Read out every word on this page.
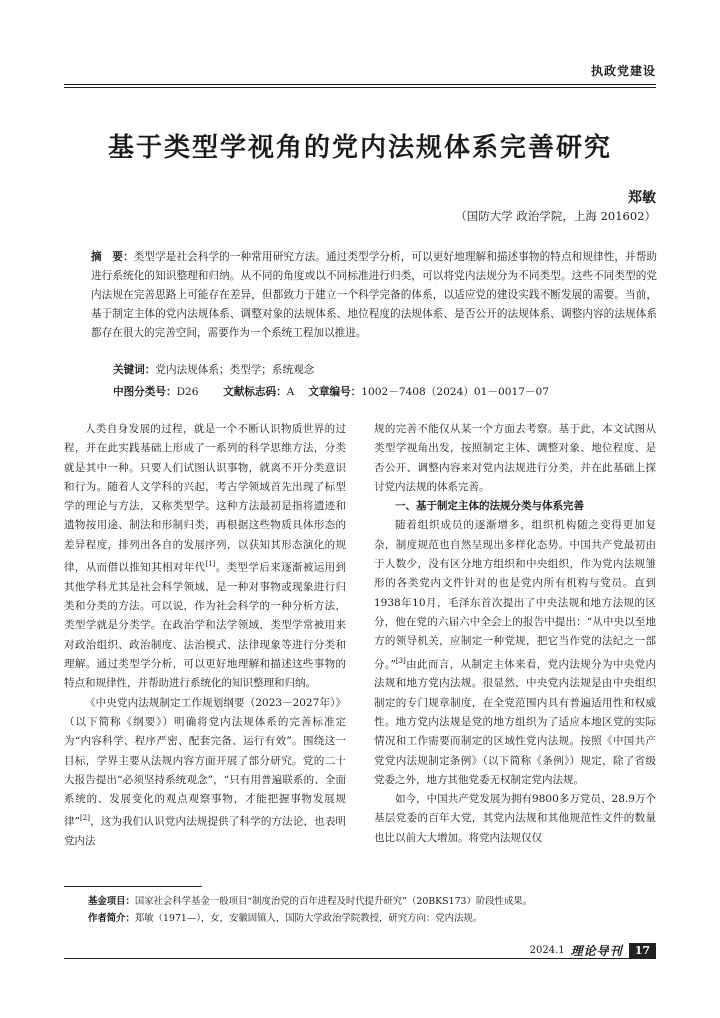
执政党建设
基于类型学视角的党内法规体系完善研究
郑敏
（国防大学 政治学院，上海 201602）
摘　要：类型学是社会科学的一种常用研究方法。通过类型学分析，可以更好地理解和描述事物的特点和规律性，并帮助进行系统化的知识整理和归纳。从不同的角度或以不同标准进行归类，可以将党内法规分为不同类型。这些不同类型的党内法规在完善思路上可能存在差异，但都致力于建立一个科学完备的体系，以适应党的建设实践不断发展的需要。当前，基于制定主体的党内法规体系、调整对象的法规体系、地位程度的法规体系、是否公开的法规体系、调整内容的法规体系都存在很大的完善空间，需要作为一个系统工程加以推进。
关键词：党内法规体系；类型学；系统观念
中图分类号：D26    文献标志码：A   文章编号：1002－7408（2024）01－0017－07

人类自身发展的过程，就是一个不断认识物质世界的过程，并在此实践基础上形成了一系列的科学思维方法，分类就是其中一种。只要人们试图认识事物，就离不开分类意识和行为。随着人文学科的兴起，考古学领域首先出现了标型学的理论与方法，又称类型学。这种方法最初是指将遗迹和遗物按用途、制法和形制归类，再根据这些物质具体形态的差异程度，排列出各自的发展序列，以获知其形态演化的规律，从而借以推知其相对年代[1]。类型学后来逐渐被运用到其他学科尤其是社会科学领域，是一种对事物或现象进行归类和分类的方法。可以说，作为社会科学的一种分析方法，类型学就是分类学。在政治学和法学领域，类型学常被用来对政治组织、政治制度、法治模式、法律现象等进行分类和理解。通过类型学分析，可以更好地理解和描述这些事物的特点和规律性，并帮助进行系统化的知识整理和归纳。

《中央党内法规制定工作规划纲要（2023－2027年）》（以下简称《纲要》）明确将党内法规体系的完善标准定为“内容科学、程序严密、配套完备、运行有效”。围绕这一目标，学界主要从法规内容方面开展了部分研究。党的二十大报告提出“必须坚持系统观念”，“只有用普遍联系的、全面系统的、发展变化的观点观察事物，才能把握事物发展规律”[2]，这为我们认识党内法规提供了科学的方法论，也表明党内法

规的完善不能仅从某一个方面去考察。基于此，本文试图从类型学视角出发，按照制定主体、调整对象、地位程度、是否公开、调整内容来对党内法规进行分类，并在此基础上探讨党内法规的体系完善。

一、基于制定主体的法规分类与体系完善

随着组织成员的逐渐增多，组织机构随之变得更加复杂，制度规范也自然呈现出多样化态势。中国共产党最初由于人数少，没有区分地方组织和中央组织，作为党内法规雏形的各类党内文件针对的也是党内所有机构与党员。直到1938年10月，毛泽东首次提出了中央法规和地方法规的区分，他在党的六届六中全会上的报告中提出：“从中央以至地方的领导机关，应制定一种党规，把它当作党的法纪之一部分。”[3]由此而言，从制定主体来看，党内法规分为中央党内法规和地方党内法规。很显然，中央党内法规是由中央组织制定的专门规章制度，在全党范围内具有普遍适用性和权威性。地方党内法规是党的地方组织为了适应本地区党的实际情况和工作需要而制定的区域性党内法规。按照《中国共产党党内法规制定条例》（以下简称《条例》）规定，除了省级党委之外，地方其他党委无权制定党内法规。

如今，中国共产党发展为拥有9800多万党员、28.9万个基层党委的百年大党，其党内法规和其他规范性文件的数量也比以前大大增加。将党内法规仅仅

基金项目：国家社会科学基金一般项目“制度治党的百年进程及时代提升研究”（20BKS173）阶段性成果。
作者简介：郑敏（1971—），女，安徽固镇人，国防大学政治学院教授，研究方向：党内法规。
2024.1 理论导刊	17
